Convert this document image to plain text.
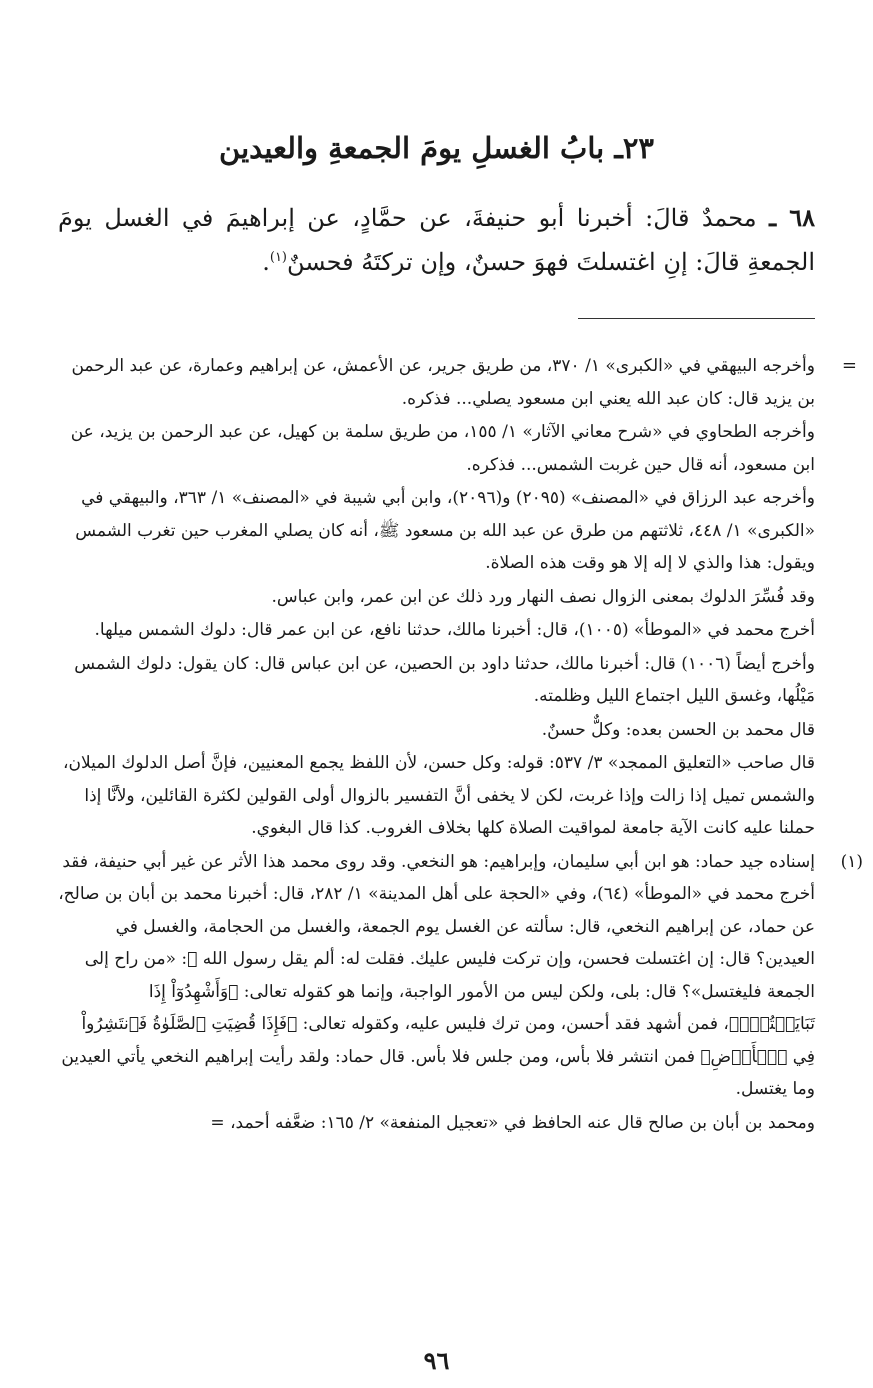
٢٣ـ بابُ الغسلِ يومَ الجمعةِ والعيدين
٦٨ ـ محمدٌ قالَ: أخبرنا أبو حنيفةَ، عن حمَّادٍ، عن إبراهيمَ في الغسل يومَ الجمعةِ قالَ: إنِ اغتسلتَ فهوَ حسنٌ، وإن تركتَهُ فحسنٌ$^{(١)}$.
=

وأخرجه البيهقي في «الكبرى» ١/ ٣٧٠، من طريق جرير، عن الأعمش، عن إبراهيم وعمارة، عن عبد الرحمن بن يزيد قال: كان عبد الله يعني ابن مسعود يصلي... فذكره.

وأخرجه الطحاوي في «شرح معاني الآثار» ١/ ١٥٥، من طريق سلمة بن كهيل، عن عبد الرحمن بن يزيد، عن ابن مسعود، أنه قال حين غربت الشمس... فذكره.

وأخرجه عبد الرزاق في «المصنف» (٢٠٩٥) و(٢٠٩٦)، وابن أبي شيبة في «المصنف» ١/ ٣٦٣، والبيهقي في «الكبرى» ١/ ٤٤٨، ثلاثتهم من طرق عن عبد الله بن مسعود ﷺ، أنه كان يصلي المغرب حين تغرب الشمس ويقول: هذا والذي لا إله إلا هو وقت هذه الصلاة.

وقد فُسِّرَ الدلوك بمعنى الزوال نصف النهار ورد ذلك عن ابن عمر، وابن عباس.

أخرج محمد في «الموطأ» (١٠٠٥)، قال: أخبرنا مالك، حدثنا نافع، عن ابن عمر قال: دلوك الشمس ميلها.

وأخرج أيضاً (١٠٠٦) قال: أخبرنا مالك، حدثنا داود بن الحصين، عن ابن عباس قال: كان يقول: دلوك الشمس مَيْلُها، وغسق الليل اجتماع الليل وظلمته.

قال محمد بن الحسن بعده: وكلٌّ حسنٌ.

قال صاحب «التعليق الممجد» ٣/ ٥٣٧: قوله: وكل حسن، لأن اللفظ يجمع المعنيين، فإنَّ أصل الدلوك الميلان، والشمس تميل إذا زالت وإذا غربت، لكن لا يخفى أنَّ التفسير بالزوال أولى القولين لكثرة القائلين، ولأنَّا إذا حملنا عليه كانت الآية جامعة لمواقيت الصلاة كلها بخلاف الغروب. كذا قال البغوي.

(١)

إسناده جيد حماد: هو ابن أبي سليمان، وإبراهيم: هو النخعي. وقد روى محمد هذا الأثر عن غير أبي حنيفة، فقد أخرج محمد في «الموطأ» (٦٤)، وفي «الحجة على أهل المدينة» ١/ ٢٨٢، قال: أخبرنا محمد بن أبان بن صالح، عن حماد، عن إبراهيم النخعي، قال: سألته عن الغسل يوم الجمعة، والغسل من الحجامة، والغسل في العيدين؟ قال: إن اغتسلت فحسن، وإن تركت فليس عليك. فقلت له: ألم يقل رسول الله ﷺ: «من راح إلى الجمعة فليغتسل»؟ قال: بلى، ولكن ليس من الأمور الواجبة، وإنما هو كقوله تعالى: ﴿وَأَشْهِدُوٓاْ إِذَا تَبَايَعۡتُمۡۚ﴾، فمن أشهد فقد أحسن، ومن ترك فليس عليه، وكقوله تعالى: ﴿فَإِذَا قُضِيَتِ ٱلصَّلَوٰةُ فَٱنتَشِرُواْ فِي ٱلۡأَرۡضِ﴾ فمن انتشر فلا بأس، ومن جلس فلا بأس. قال حماد: ولقد رأيت إبراهيم النخعي يأتي العيدين وما يغتسل.

ومحمد بن أبان بن صالح قال عنه الحافظ في «تعجيل المنفعة» ٢/ ١٦٥: ضعَّفه أحمد، =

٩٦
